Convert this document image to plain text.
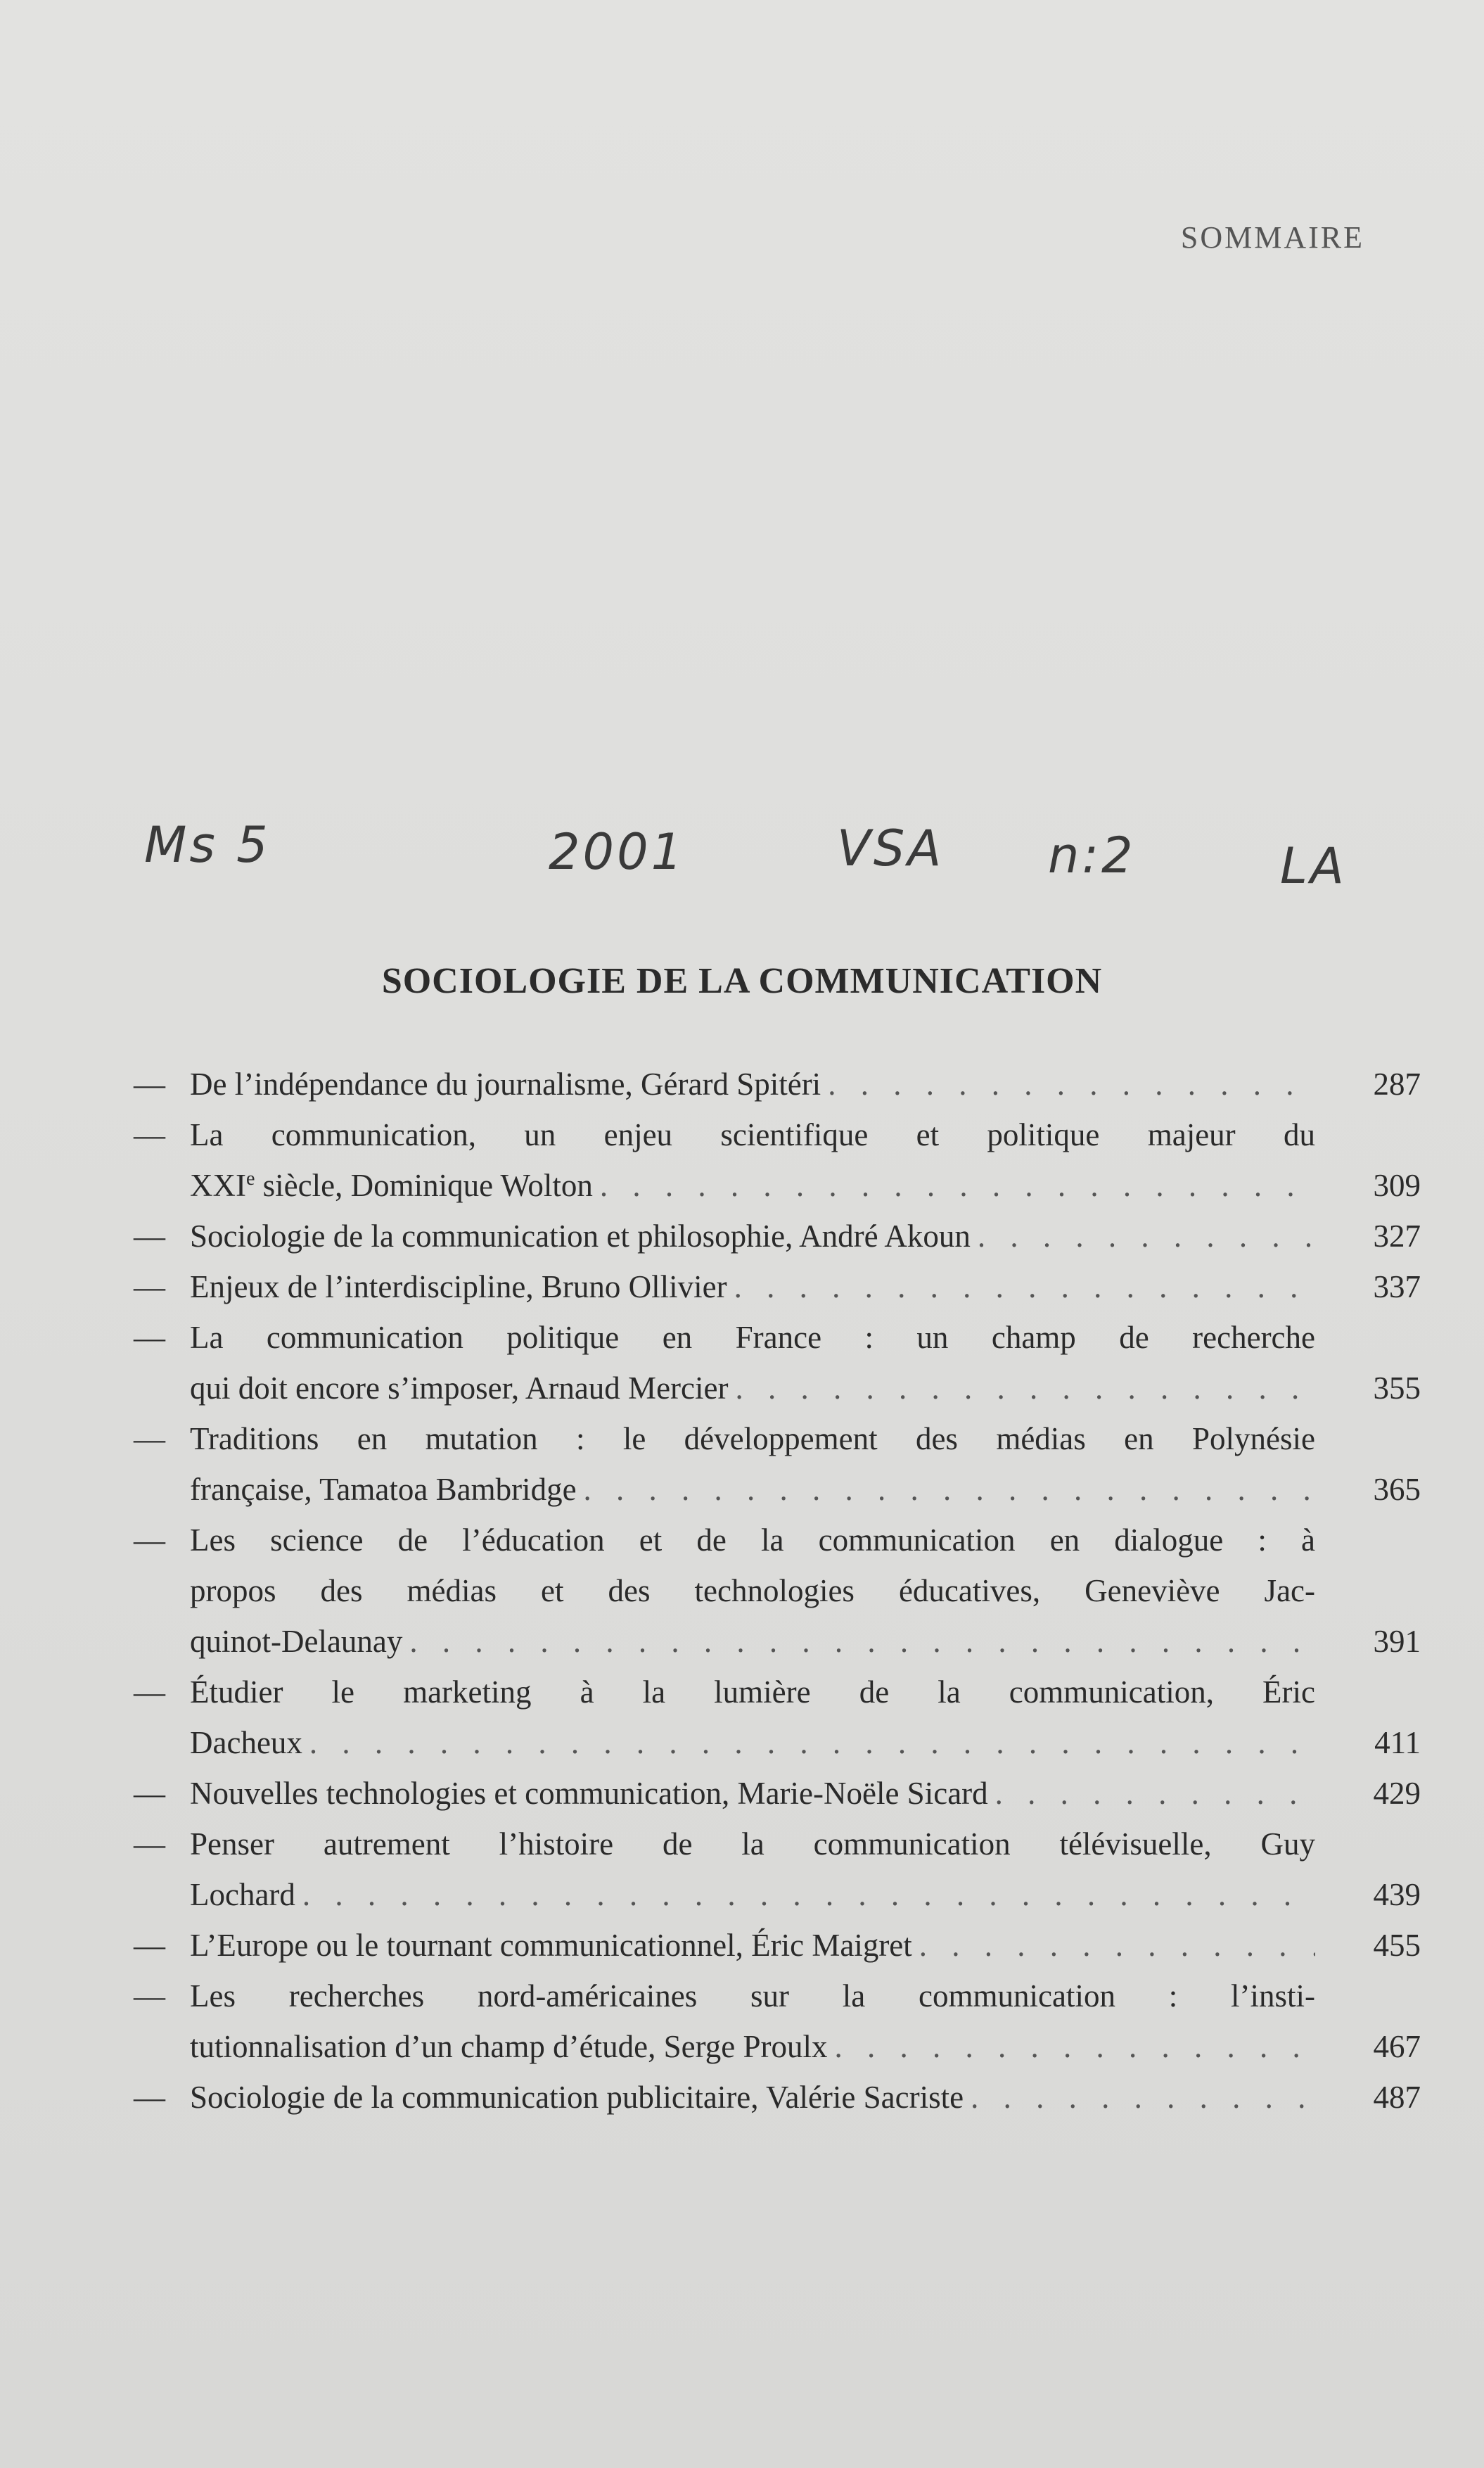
SOMMAIRE
Ms 5	2001	VSA n:2	LA
SOCIOLOGIE DE LA COMMUNICATION
— De l’indépendance du journalisme, Gérard Spitéri . . .	287
— La communication, un enjeu scientifique et politique majeur du
XXIe siècle, Dominique Wolton . . .	309
— Sociologie de la communication et philosophie, André Akoun . . .	327
— Enjeux de l’interdiscipline, Bruno Ollivier . . .	337
— La communication politique en France : un champ de recherche
qui doit encore s’imposer, Arnaud Mercier . . .	355
— Traditions en mutation : le développement des médias en Polynésie
française, Tamatoa Bambridge . . .	365
— Les science de l’éducation et de la communication en dialogue : à
propos des médias et des technologies éducatives, Geneviève Jac-
quinot-Delaunay . . .	391
— Étudier le marketing à la lumière de la communication, Éric
Dacheux . . .	411
— Nouvelles technologies et communication, Marie-Noële Sicard . . .	429
— Penser autrement l’histoire de la communication télévisuelle, Guy
Lochard . . .	439
— L’Europe ou le tournant communicationnel, Éric Maigret . . .	455
— Les recherches nord-américaines sur la communication : l’insti-
tutionnalisation d’un champ d’étude, Serge Proulx . . .	467
— Sociologie de la communication publicitaire, Valérie Sacriste . . .	487
